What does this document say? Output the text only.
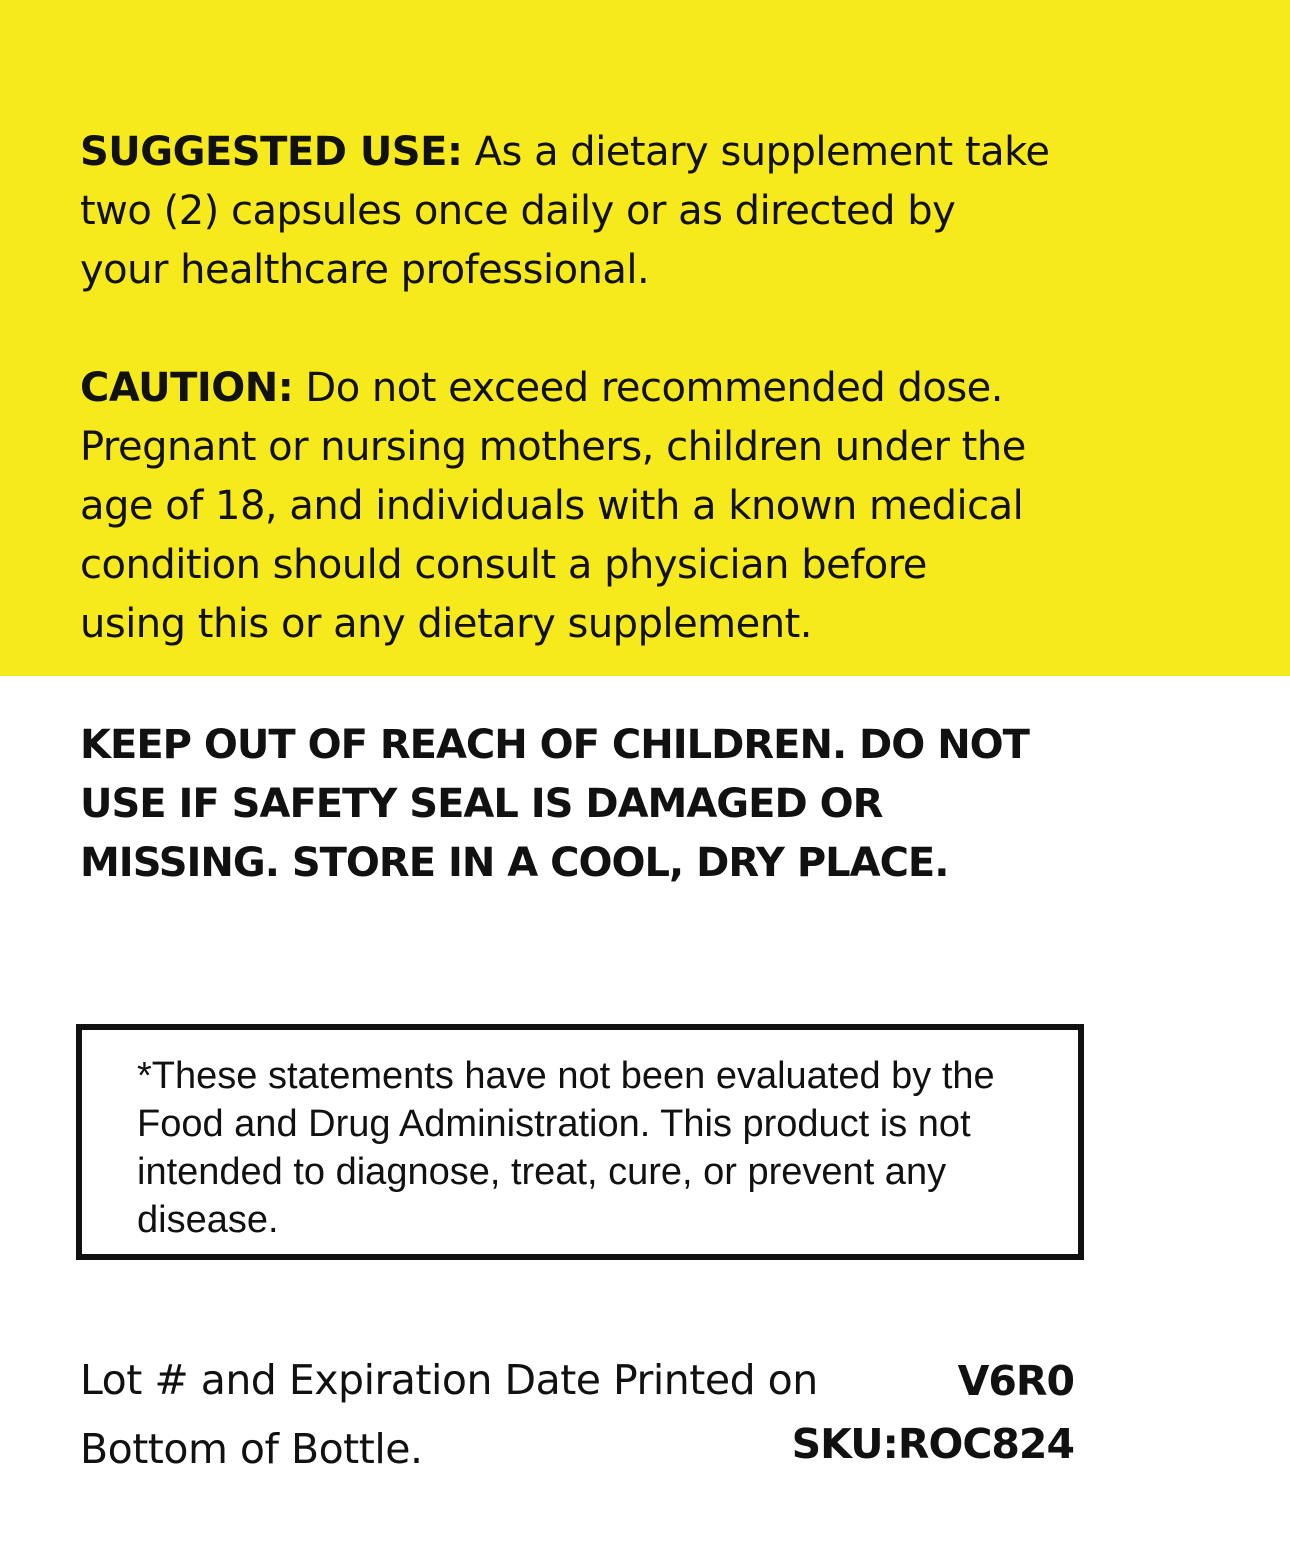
SUGGESTED USE: As a dietary supplement take
two (2) capsules once daily or as directed by
your healthcare professional.

CAUTION: Do not exceed recommended dose.
Pregnant or nursing mothers, children under the
age of 18, and individuals with a known medical
condition should consult a physician before
using this or any dietary supplement.

KEEP OUT OF REACH OF CHILDREN. DO NOT
USE IF SAFETY SEAL IS DAMAGED OR
MISSING. STORE IN A COOL, DRY PLACE.

*These statements have not been evaluated by the
Food and Drug Administration. This product is not
intended to diagnose, treat, cure, or prevent any
disease.

Lot # and Expiration Date Printed on
Bottom of Bottle.

V6R0

SKU:ROC824
